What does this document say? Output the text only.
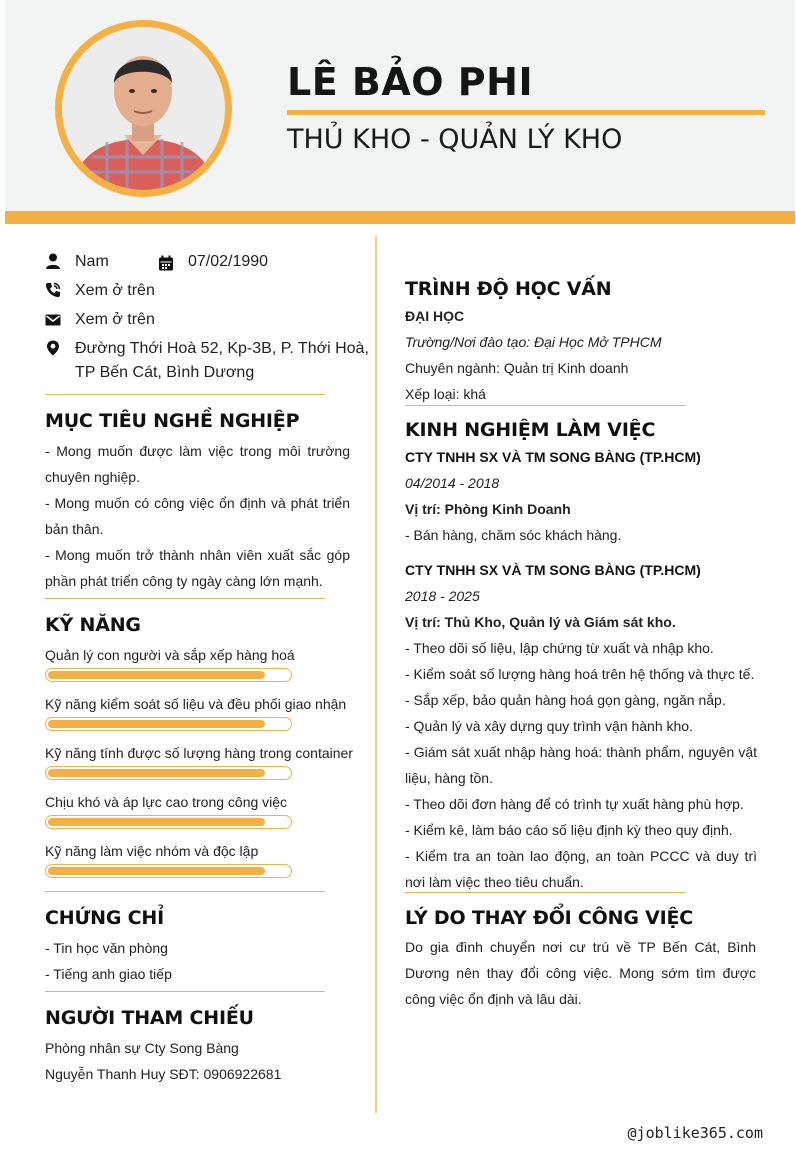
LÊ BẢO PHI
THỦ KHO - QUẢN LÝ KHO
Nam	07/02/1990
Xem ở trên
Xem ở trên
Đường Thới Hoà 52, Kp-3B, P. Thới Hoà,
TP Bến Cát, Bình Dương
MỤC TIÊU NGHỀ NGHIỆP
- Mong muốn được làm việc trong môi trường chuyên nghiệp.
- Mong muốn có công việc ổn định và phát triển bản thân.
- Mong muốn trở thành nhân viên xuất sắc góp phần phát triển công ty ngày càng lớn mạnh.
KỸ NĂNG
Quản lý con người và sắp xếp hàng hoá
Kỹ năng kiểm soát số liệu và đều phối giao nhận
Kỹ năng tính được số lượng hàng trong container
Chịu khó và áp lực cao trong công việc
Kỹ năng làm việc nhóm và độc lập
CHỨNG CHỈ
- Tin học văn phòng
- Tiếng anh giao tiếp
NGƯỜI THAM CHIẾU
Phòng nhân sự Cty Song Bàng
Nguyễn Thanh Huy SĐT: 0906922681
TRÌNH ĐỘ HỌC VẤN
ĐẠI HỌC
Trường/Nơi đào tạo: Đại Học Mở TPHCM
Chuyên ngành: Quản trị Kinh doanh
Xếp loại: khá
KINH NGHIỆM LÀM VIỆC
CTY TNHH SX VÀ TM SONG BÀNG (TP.HCM)
04/2014 - 2018
Vị trí: Phòng Kinh Doanh
- Bán hàng, chăm sóc khách hàng.
CTY TNHH SX VÀ TM SONG BÀNG (TP.HCM)
2018 - 2025
Vị trí: Thủ Kho, Quản lý và Giám sát kho.
- Theo dõi số liệu, lập chứng từ xuất và nhập kho.
- Kiểm soát số lượng hàng hoá trên hệ thống và thực tế.
- Sắp xếp, bảo quản hàng hoá gọn gàng, ngăn nắp.
- Quản lý và xây dựng quy trình vận hành kho.
- Giám sát xuất nhập hàng hoá: thành phẩm, nguyên vật liệu, hàng tồn.
- Theo dõi đơn hàng để có trình tự xuất hàng phù hợp.
- Kiểm kê, làm báo cáo số liệu định kỳ theo quy định.
- Kiểm tra an toàn lao động, an toàn PCCC và duy trì nơi làm việc theo tiêu chuẩn.
LÝ DO THAY ĐỔI CÔNG VIỆC
Do gia đình chuyển nơi cư trú về TP Bến Cát, Bình Dương nên thay đổi công việc. Mong sớm tìm được công việc ổn định và lâu dài.
@joblike365.com
